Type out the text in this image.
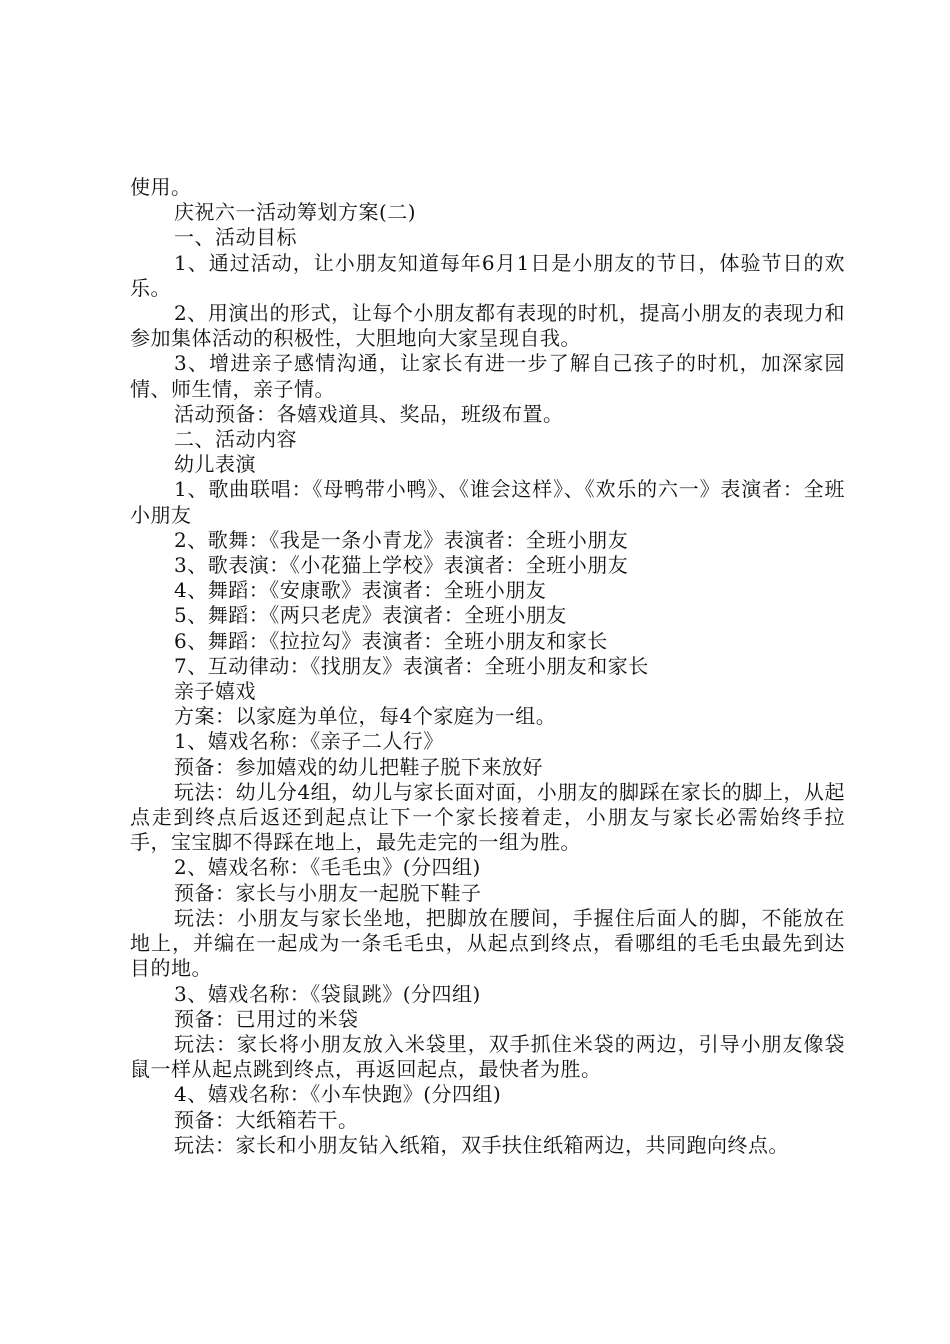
使用。

庆祝六一活动筹划方案(二)

一、活动目标

1、通过活动，让小朋友知道每年6月1日是小朋友的节日，体验节日的欢乐。

2、用演出的形式，让每个小朋友都有表现的时机，提高小朋友的表现力和参加集体活动的积极性，大胆地向大家呈现自我。

3、增进亲子感情沟通，让家长有进一步了解自己孩子的时机，加深家园情、师生情，亲子情。

活动预备：各嬉戏道具、奖品，班级布置。

二、活动内容

幼儿表演

1、歌曲联唱：《母鸭带小鸭》、《谁会这样》、《欢乐的六一》表演者：全班小朋友

2、歌舞：《我是一条小青龙》表演者：全班小朋友

3、歌表演：《小花猫上学校》表演者：全班小朋友

4、舞蹈：《安康歌》表演者：全班小朋友

5、舞蹈：《两只老虎》表演者：全班小朋友

6、舞蹈：《拉拉勾》表演者：全班小朋友和家长

7、互动律动：《找朋友》表演者：全班小朋友和家长

亲子嬉戏

方案：以家庭为单位，每4个家庭为一组。

1、嬉戏名称：《亲子二人行》

预备：参加嬉戏的幼儿把鞋子脱下来放好

玩法：幼儿分4组，幼儿与家长面对面，小朋友的脚踩在家长的脚上，从起点走到终点后返还到起点让下一个家长接着走，小朋友与家长必需始终手拉手，宝宝脚不得踩在地上，最先走完的一组为胜。

2、嬉戏名称：《毛毛虫》(分四组)

预备：家长与小朋友一起脱下鞋子

玩法：小朋友与家长坐地，把脚放在腰间，手握住后面人的脚，不能放在地上，并编在一起成为一条毛毛虫，从起点到终点，看哪组的毛毛虫最先到达目的地。

3、嬉戏名称：《袋鼠跳》(分四组)

预备：已用过的米袋

玩法：家长将小朋友放入米袋里，双手抓住米袋的两边，引导小朋友像袋鼠一样从起点跳到终点，再返回起点，最快者为胜。

4、嬉戏名称：《小车快跑》(分四组)

预备：大纸箱若干。

玩法：家长和小朋友钻入纸箱，双手扶住纸箱两边，共同跑向终点。
